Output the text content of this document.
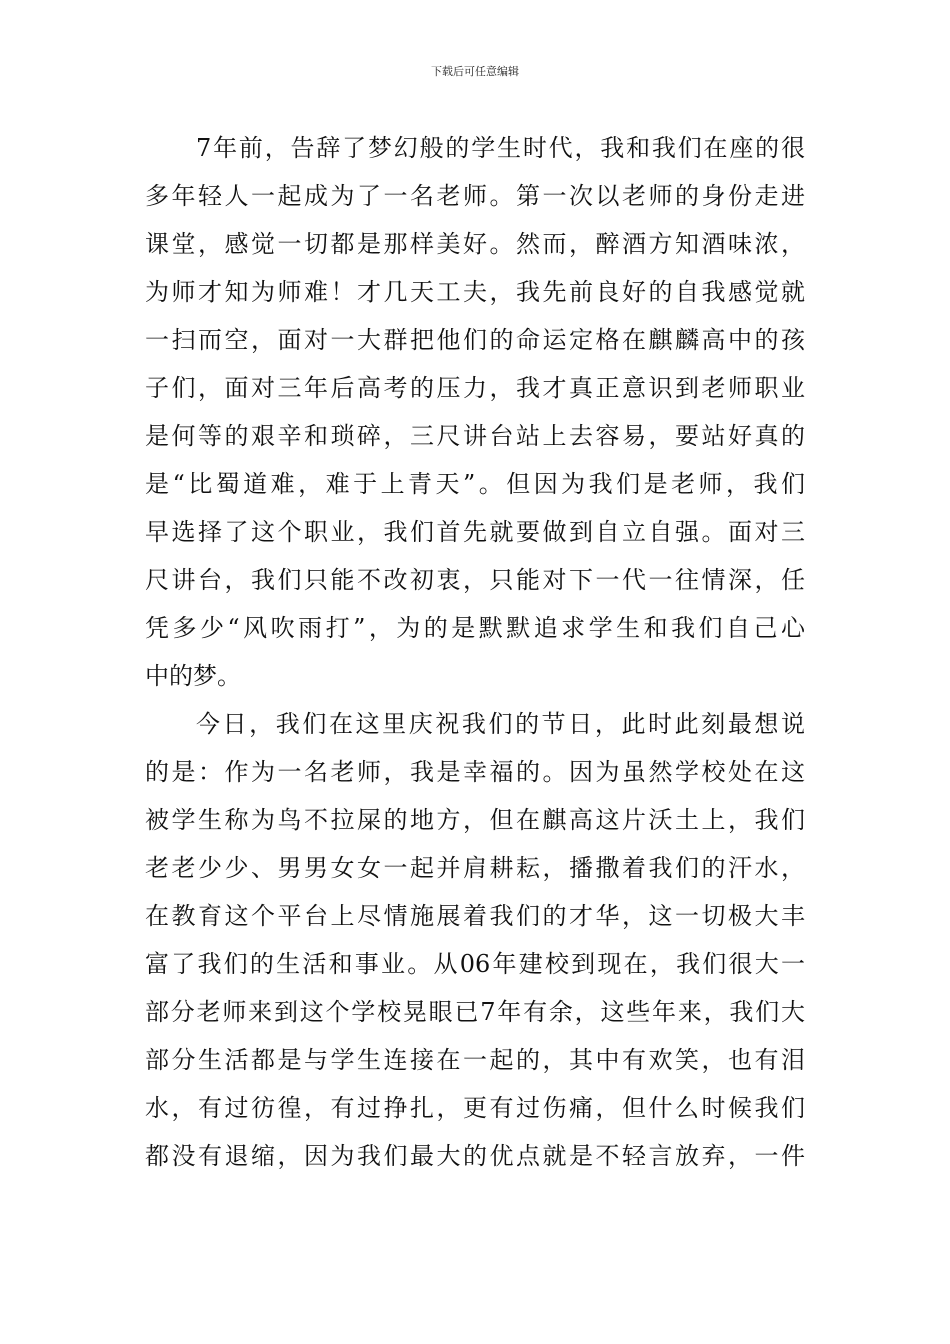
下载后可任意编辑
7年前，告辞了梦幻般的学生时代，我和我们在座的很
多年轻人一起成为了一名老师。第一次以老师的身份走进
课堂，感觉一切都是那样美好。然而，醉酒方知酒味浓，
为师才知为师难！才几天工夫，我先前良好的自我感觉就
一扫而空，面对一大群把他们的命运定格在麒麟高中的孩
子们，面对三年后高考的压力，我才真正意识到老师职业
是何等的艰辛和琐碎，三尺讲台站上去容易，要站好真的
是“比蜀道难，难于上青天”。但因为我们是老师，我们
早选择了这个职业，我们首先就要做到自立自强。面对三
尺讲台，我们只能不改初衷，只能对下一代一往情深，任
凭多少“风吹雨打”，为的是默默追求学生和我们自己心
中的梦。
今日，我们在这里庆祝我们的节日，此时此刻最想说
的是：作为一名老师，我是幸福的。因为虽然学校处在这
被学生称为鸟不拉屎的地方，但在麒高这片沃土上，我们
老老少少、男男女女一起并肩耕耘，播撒着我们的汗水，
在教育这个平台上尽情施展着我们的才华，这一切极大丰
富了我们的生活和事业。从06年建校到现在，我们很大一
部分老师来到这个学校晃眼已7年有余，这些年来，我们大
部分生活都是与学生连接在一起的，其中有欢笑，也有泪
水，有过彷徨，有过挣扎，更有过伤痛，但什么时候我们
都没有退缩，因为我们最大的优点就是不轻言放弃，一件
